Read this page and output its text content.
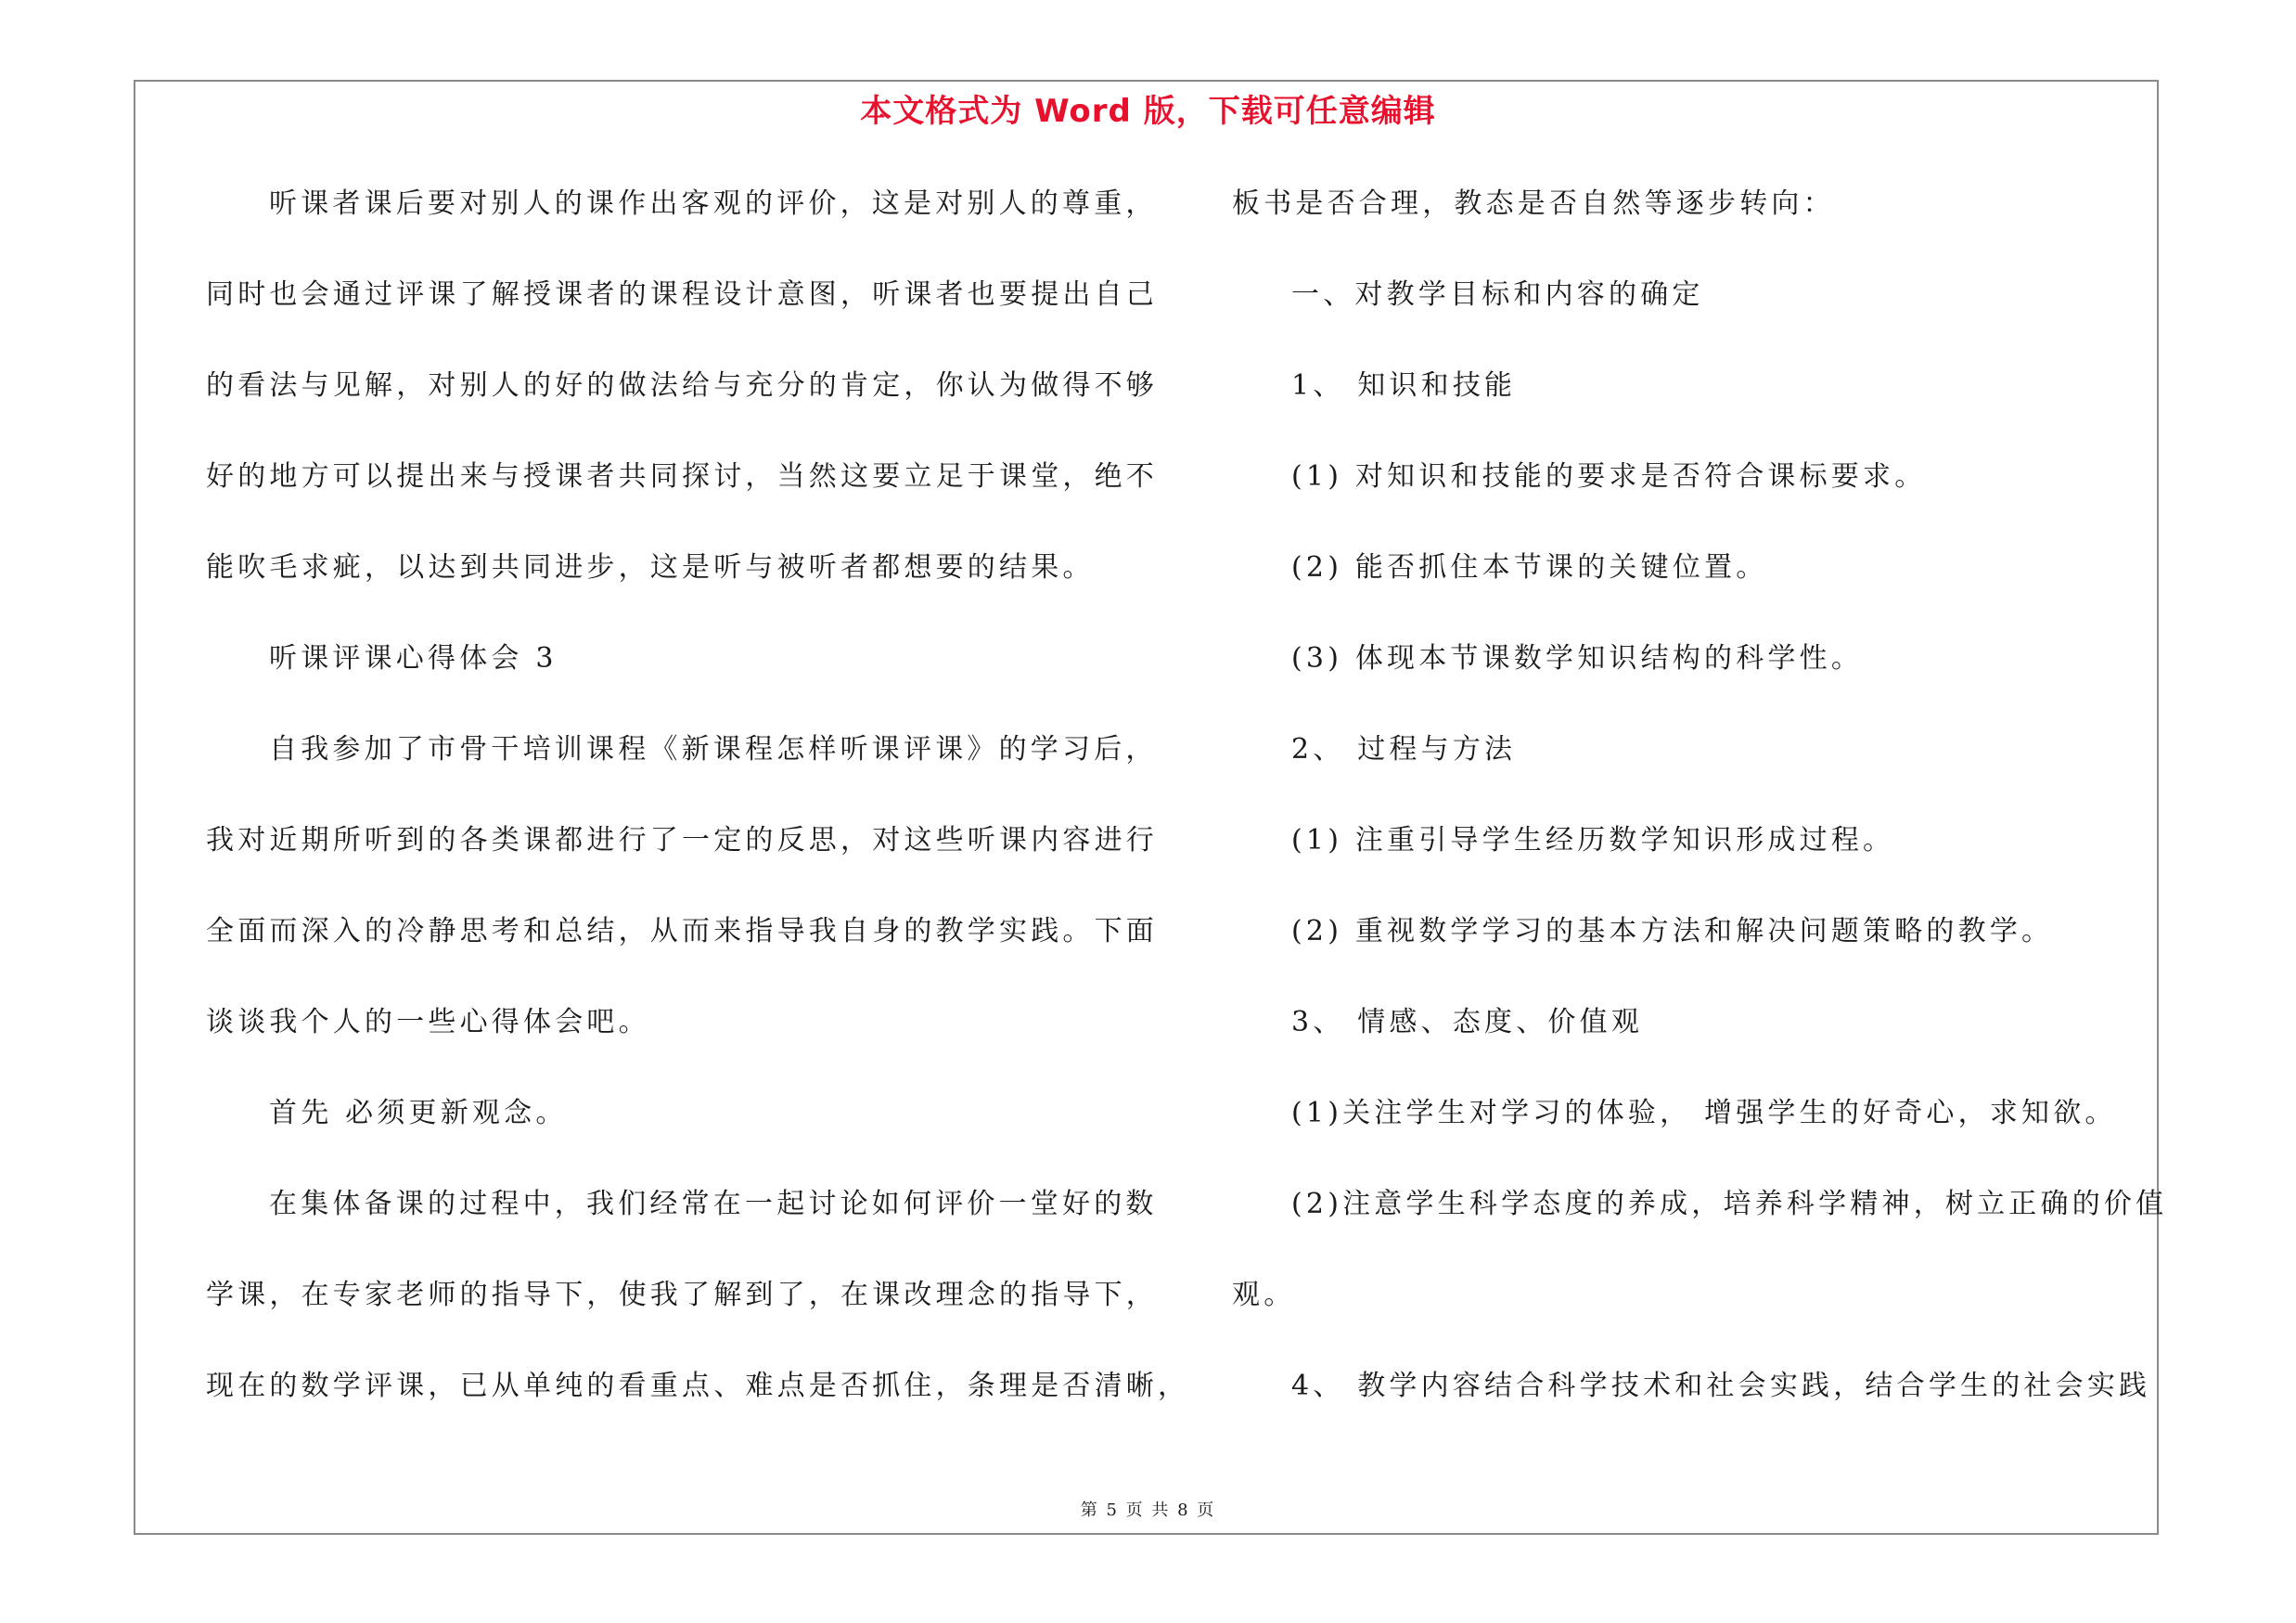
本文格式为 Word 版，下载可任意编辑
听课者课后要对别人的课作出客观的评价，这是对别人的尊重，
同时也会通过评课了解授课者的课程设计意图，听课者也要提出自己
的看法与见解，对别人的好的做法给与充分的肯定，你认为做得不够
好的地方可以提出来与授课者共同探讨，当然这要立足于课堂，绝不
能吹毛求疵，以达到共同进步，这是听与被听者都想要的结果。
听课评课心得体会 3
自我参加了市骨干培训课程《新课程怎样听课评课》的学习后，
我对近期所听到的各类课都进行了一定的反思，对这些听课内容进行
全面而深入的冷静思考和总结，从而来指导我自身的教学实践。下面
谈谈我个人的一些心得体会吧。
首先 必须更新观念。
在集体备课的过程中，我们经常在一起讨论如何评价一堂好的数
学课，在专家老师的指导下，使我了解到了，在课改理念的指导下，
现在的数学评课，已从单纯的看重点、难点是否抓住，条理是否清晰，
板书是否合理，教态是否自然等逐步转向：
一、对教学目标和内容的确定
1、 知识和技能
(1) 对知识和技能的要求是否符合课标要求。
(2) 能否抓住本节课的关键位置。
(3) 体现本节课数学知识结构的科学性。
2、 过程与方法
(1) 注重引导学生经历数学知识形成过程。
(2) 重视数学学习的基本方法和解决问题策略的教学。
3、 情感、态度、价值观
(1)关注学生对学习的体验， 增强学生的好奇心，求知欲。
(2)注意学生科学态度的养成，培养科学精神，树立正确的价值
观。
4、 教学内容结合科学技术和社会实践，结合学生的社会实践
第 5 页 共 8 页
